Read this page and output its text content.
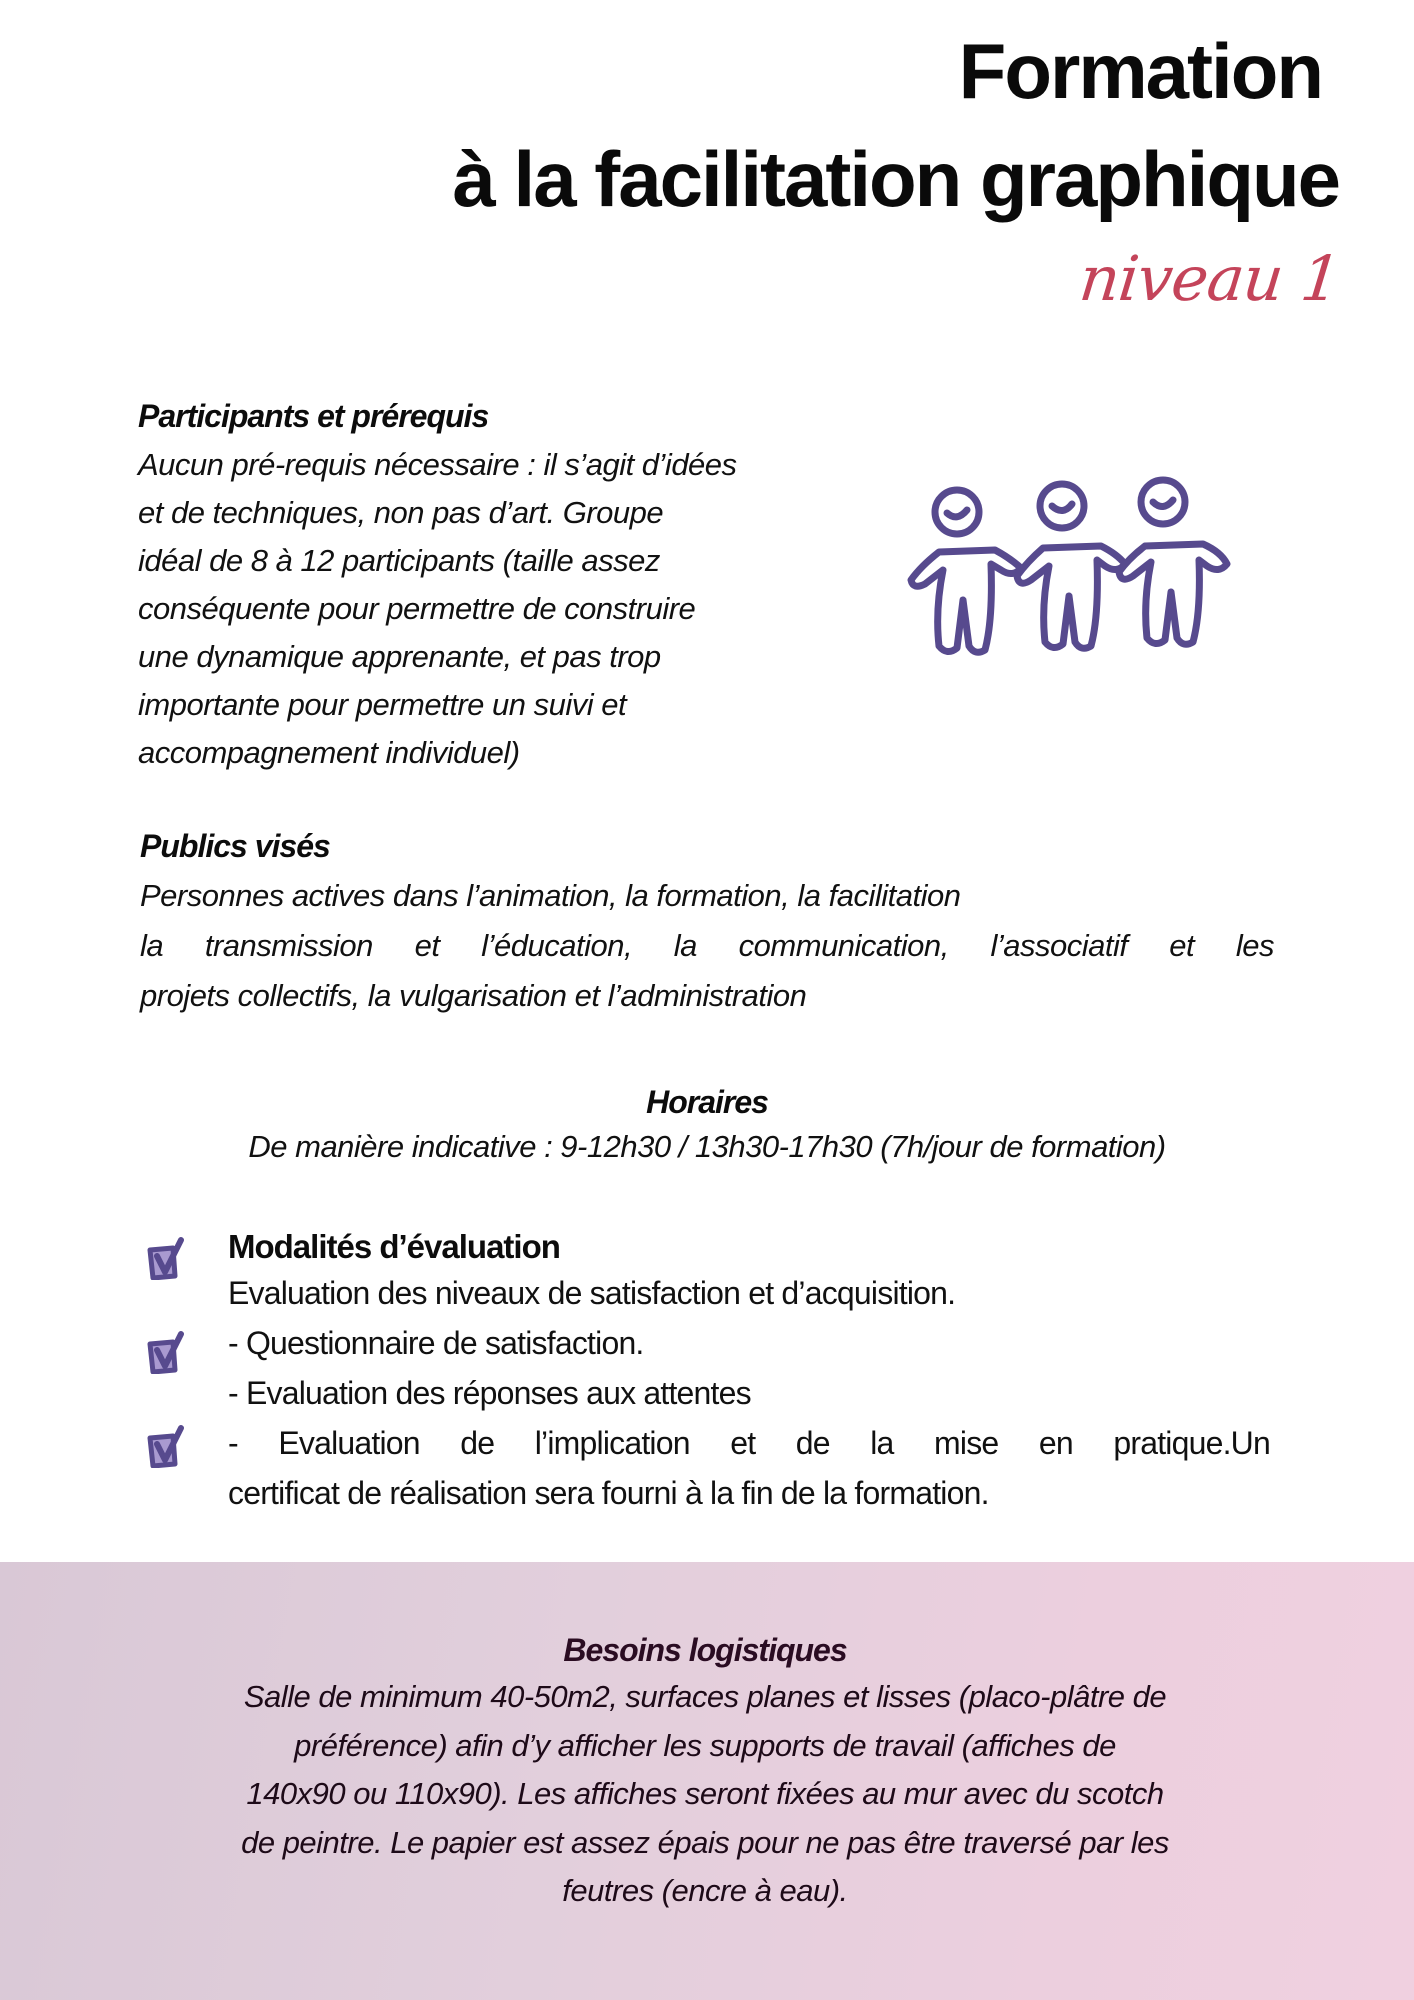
Formation
à la facilitation graphique
niveau 1
Participants et prérequis

Aucun pré-requis nécessaire : il s’agit d’idées
et de techniques, non pas d’art. Groupe
idéal de 8 à 12 participants (taille assez
conséquente pour permettre de construire
une dynamique apprenante, et pas trop
importante pour permettre un suivi et
accompagnement individuel)

Publics visés

Personnes actives dans l’animation, la formation, la facilitation
la transmission et l’éducation, la communication, l’associatif et les
projets collectifs, la vulgarisation et l’administration

Horaires

De manière indicative : 9-12h30 / 13h30-17h30 (7h/jour de formation)

Modalités d’évaluation

Evaluation des niveaux de satisfaction et d’acquisition.
- Questionnaire de satisfaction.
- Evaluation des réponses aux attentes
- Evaluation de l’implication et de la mise en pratique.Un
certificat de réalisation sera fourni à la fin de la formation.

Besoins logistiques

Salle de minimum 40-50m2, surfaces planes et lisses (placo-plâtre de
préférence) afin d’y afficher les supports de travail (affiches de
140x90 ou 110x90). Les affiches seront fixées au mur avec du scotch
de peintre. Le papier est assez épais pour ne pas être traversé par les
feutres (encre à eau).
